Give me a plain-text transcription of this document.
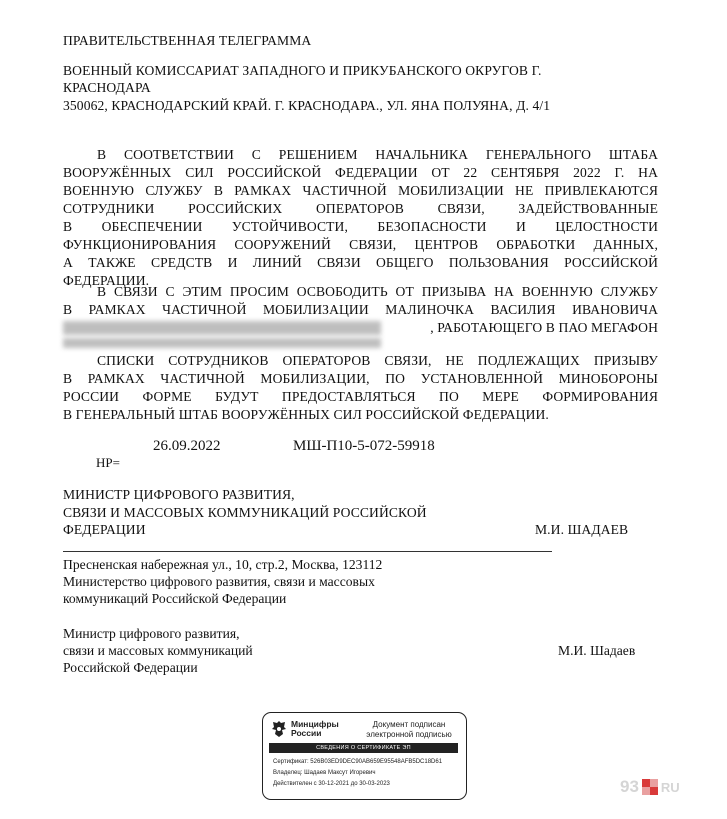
ПРАВИТЕЛЬСТВЕННАЯ ТЕЛЕГРАММА
ВОЕННЫЙ КОМИССАРИАТ ЗАПАДНОГО И ПРИКУБАНСКОГО ОКРУГОВ Г.
КРАСНОДАРА
350062, КРАСНОДАРСКИЙ КРАЙ. Г. КРАСНОДАРА., УЛ. ЯНА ПОЛУЯНА, Д. 4/1
В СООТВЕТСТВИИ С РЕШЕНИЕМ НАЧАЛЬНИКА ГЕНЕРАЛЬНОГО ШТАБА
ВООРУЖЁННЫХ СИЛ РОССИЙСКОЙ ФЕДЕРАЦИИ ОТ 22 СЕНТЯБРЯ 2022 Г. НА
ВОЕННУЮ СЛУЖБУ В РАМКАХ ЧАСТИЧНОЙ МОБИЛИЗАЦИИ НЕ ПРИВЛЕКАЮТСЯ
СОТРУДНИКИ РОССИЙСКИХ ОПЕРАТОРОВ СВЯЗИ, ЗАДЕЙСТВОВАННЫЕ
В ОБЕСПЕЧЕНИИ УСТОЙЧИВОСТИ, БЕЗОПАСНОСТИ И ЦЕЛОСТНОСТИ
ФУНКЦИОНИРОВАНИЯ СООРУЖЕНИЙ СВЯЗИ, ЦЕНТРОВ ОБРАБОТКИ ДАННЫХ,
А ТАКЖЕ СРЕДСТВ И ЛИНИЙ СВЯЗИ ОБЩЕГО ПОЛЬЗОВАНИЯ РОССИЙСКОЙ
ФЕДЕРАЦИИ.
В СВЯЗИ С ЭТИМ ПРОСИМ ОСВОБОДИТЬ ОТ ПРИЗЫВА НА ВОЕННУЮ СЛУЖБУ
В РАМКАХ ЧАСТИЧНОЙ МОБИЛИЗАЦИИ МАЛИНОЧКА ВАСИЛИЯ ИВАНОВИЧА
, РАБОТАЮЩЕГО В ПАО МЕГАФОН
СПИСКИ СОТРУДНИКОВ ОПЕРАТОРОВ СВЯЗИ, НЕ ПОДЛЕЖАЩИХ ПРИЗЫВУ
В РАМКАХ ЧАСТИЧНОЙ МОБИЛИЗАЦИИ, ПО УСТАНОВЛЕННОЙ МИНОБОРОНЫ
РОССИИ ФОРМЕ БУДУТ ПРЕДОСТАВЛЯТЬСЯ ПО МЕРЕ ФОРМИРОВАНИЯ
В ГЕНЕРАЛЬНЫЙ ШТАБ ВООРУЖЁННЫХ СИЛ РОССИЙСКОЙ ФЕДЕРАЦИИ.
26.09.2022	МШ-П10-5-072-59918
НР=
МИНИСТР ЦИФРОВОГО РАЗВИТИЯ,
СВЯЗИ И МАССОВЫХ КОММУНИКАЦИЙ РОССИЙСКОЙ
ФЕДЕРАЦИИ	М.И. ШАДАЕВ
Пресненская набережная ул., 10, стр.2, Москва, 123112
Министерство цифрового развития, связи и массовых
коммуникаций Российской Федерации
Министр цифрового развития,
связи и массовых коммуникаций
Российской Федерации
М.И. Шадаев
Минцифры
России
Документ подписан
электронной подписью
СВЕДЕНИЯ О СЕРТИФИКАТЕ ЭП
Сертификат: 526B03ED9DEC90AB659E95548AFB5DC18D61
Владелец: Шадаев Максут Игоревич
Действителен с 30-12-2021 до 30-03-2023	93 RU
